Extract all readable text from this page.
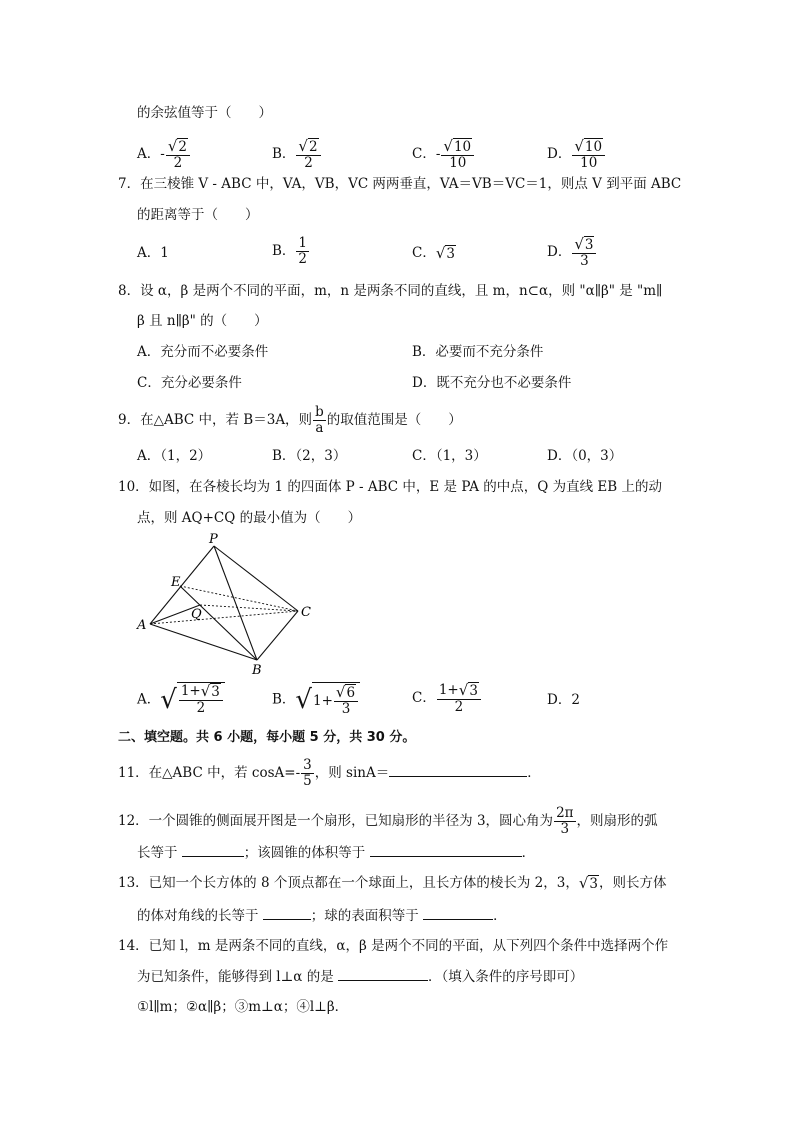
的余弦值等于（　　）
A．- $\frac{√ 2}{2}$	B． $\frac{√ 2}{2}$	C．- $\frac{√ 10}{10}$	D． $\frac{√ 10}{10}$
7．在三棱锥 V - ABC 中，VA，VB，VC 两两垂直，VA＝VB＝VC＝1，则点 V 到平面 ABC
的距离等于（　　）
A．1	B． $\frac{1}{2}$	C． √ 3	D． $\frac{√ 3}{3}$
8．设 α，β 是两个不同的平面，m，n 是两条不同的直线，且 m，n⊂α，则 "α∥β" 是 "m∥
β 且 n∥β" 的（　　）
A．充分而不必要条件	B．必要而不充分条件
C．充分必要条件	D．既不充分也不必要条件
9．在△ABC 中，若 B＝3A，则 $\frac{b}{a}$ 的取值范围是（　　）
A．（1，2）	B．（2，3）	C．（1，3）	D．（0，3）
10．如图，在各棱长均为 1 的四面体 P - ABC 中，E 是 PA 的中点，Q 为直线 EB 上的动
点，则 AQ+CQ 的最小值为（　　）
P
E
Q
A
B
C
A． √ $\frac{1+ √ 3}{2}$	B． √ $1+ \frac{√ 6}{3}$	C． $\frac{1+ √ 3}{2}$	D．2
二、填空题。共 6 小题，每小题 5 分，共 30 分。
11．在△ABC 中，若 $\cos A=- \frac{3}{5}$ ，则 sinA＝	．
12．一个圆锥的侧面展开图是一个扇形，已知扇形的半径为 3，圆心角为 $\frac{2\pi}{3}$ ，则扇形的弧
长等于	；该圆锥的体积等于	．
13．已知一个长方体的 8 个顶点都在一个球面上，且长方体的棱长为 2，3， √ 3 ，则长方体
的体对角线的长等于	；球的表面积等于	．
14．已知 l，m 是两条不同的直线，α，β 是两个不同的平面，从下列四个条件中选择两个作
为已知条件，能够得到 l⊥α 的是	．（填入条件的序号即可）
①l∥m；②α∥β；③m⊥α；④l⊥β．
